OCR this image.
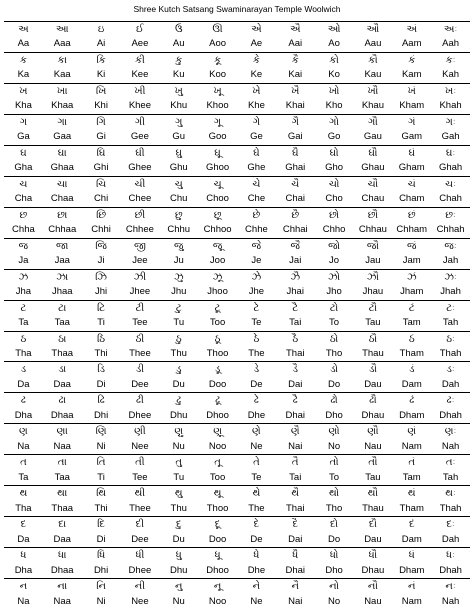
Shree Kutch Satsang Swaminarayan Temple Woolwich
અ	આ	ઇ	ઈ	ઉ	ઊ	એ	ઐ	ઓ	ઔ	અં	અઃ
Aa	Aaa	Ai	Aee	Au	Aoo	Ae	Aai	Ao	Aau	Aam	Aah
ક	કા	કિ	કી	કુ	કૂ	કે	કૈ	કો	કૌ	કં	કઃ
Ka	Kaa	Ki	Kee	Ku	Koo	Ke	Kai	Ko	Kau	Kam	Kah
ખ	ખા	ખિ	ખી	ખુ	ખૂ	ખે	ખૈ	ખો	ખૌ	ખં	ખઃ
Kha	Khaa	Khi	Khee	Khu	Khoo	Khe	Khai	Kho	Khau	Kham	Khah
ગ	ગા	ગિ	ગી	ગુ	ગૂ	ગે	ગૈ	ગો	ગૌ	ગં	ગઃ
Ga	Gaa	Gi	Gee	Gu	Goo	Ge	Gai	Go	Gau	Gam	Gah
ઘ	ઘા	ઘિ	ઘી	ઘુ	ઘૂ	ઘે	ઘૈ	ઘો	ઘૌ	ઘં	ઘઃ
Gha	Ghaa	Ghi	Ghee	Ghu	Ghoo	Ghe	Ghai	Gho	Ghau	Gham	Ghah
ચ	ચા	ચિ	ચી	ચુ	ચૂ	ચે	ચૈ	ચો	ચૌ	ચં	ચઃ
Cha	Chaa	Chi	Chee	Chu	Choo	Che	Chai	Cho	Chau	Cham	Chah
છ	છા	છિ	છી	છુ	છૂ	છે	છૈ	છો	છૌ	છં	છઃ
Chha	Chhaa	Chhi	Chhee	Chhu	Chhoo	Chhe	Chhai	Chho	Chhau	Chham	Chhah
જ	જા	જિ	જી	જુ	જૂ	જે	જૈ	જો	જૌ	જં	જઃ
Ja	Jaa	Ji	Jee	Ju	Joo	Je	Jai	Jo	Jau	Jam	Jah
ઝ	ઝા	ઝિ	ઝી	ઝુ	ઝૂ	ઝે	ઝૈ	ઝો	ઝૌ	ઝં	ઝઃ
Jha	Jhaa	Jhi	Jhee	Jhu	Jhoo	Jhe	Jhai	Jho	Jhau	Jham	Jhah
ટ	ટા	ટિ	ટી	ટુ	ટૂ	ટે	ટૈ	ટો	ટૌ	ટં	ટઃ
Ta	Taa	Ti	Tee	Tu	Too	Te	Tai	To	Tau	Tam	Tah
ઠ	ઠા	ઠિ	ઠી	ઠુ	ઠૂ	ઠે	ઠૈ	ઠો	ઠૌ	ઠં	ઠઃ
Tha	Thaa	Thi	Thee	Thu	Thoo	The	Thai	Tho	Thau	Tham	Thah
ડ	ડા	ડિ	ડી	ડુ	ડૂ	ડે	ડૈ	ડો	ડૌ	ડં	ડઃ
Da	Daa	Di	Dee	Du	Doo	De	Dai	Do	Dau	Dam	Dah
ઢ	ઢા	ઢિ	ઢી	ઢુ	ઢૂ	ઢે	ઢૈ	ઢો	ઢૌ	ઢં	ઢઃ
Dha	Dhaa	Dhi	Dhee	Dhu	Dhoo	Dhe	Dhai	Dho	Dhau	Dham	Dhah
ણ	ણા	ણિ	ણી	ણુ	ણૂ	ણે	ણૈ	ણો	ણૌ	ણં	ણઃ
Na	Naa	Ni	Nee	Nu	Noo	Ne	Nai	No	Nau	Nam	Nah
ત	તા	તિ	તી	તુ	તૂ	તે	તૈ	તો	તૌ	તં	તઃ
Ta	Taa	Ti	Tee	Tu	Too	Te	Tai	To	Tau	Tam	Tah
થ	થા	થિ	થી	થુ	થૂ	થે	થૈ	થો	થૌ	થં	થઃ
Tha	Thaa	Thi	Thee	Thu	Thoo	The	Thai	Tho	Thau	Tham	Thah
દ	દા	દિ	દી	દુ	દૂ	દે	દૈ	દો	દૌ	દં	દઃ
Da	Daa	Di	Dee	Du	Doo	De	Dai	Do	Dau	Dam	Dah
ધ	ધા	ધિ	ધી	ધુ	ધૂ	ધે	ધૈ	ધો	ધૌ	ધં	ધઃ
Dha	Dhaa	Dhi	Dhee	Dhu	Dhoo	Dhe	Dhai	Dho	Dhau	Dham	Dhah
ન	ના	નિ	ની	નુ	નૂ	ને	નૈ	નો	નૌ	નં	નઃ
Na	Naa	Ni	Nee	Nu	Noo	Ne	Nai	No	Nau	Nam	Nah
